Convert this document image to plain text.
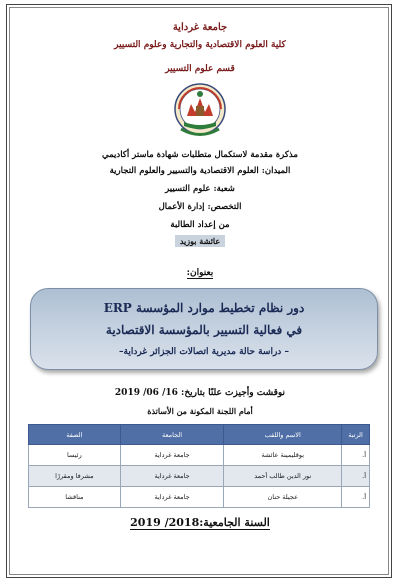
جامعة غرداية
كلية العلوم الاقتصادية والتجارية وعلوم التسيير
قسم علوم التسيير
مذكرة مقدمة لاستكمال متطلبات شهادة ماستر أكاديمي
الميدان: العلوم الاقتصادية والتسيير والعلوم التجارية
شعبة: علوم التسيير
التخصص: إدارة الأعمال
من إعداد الطالبة
عائشة بوزيد
بعنوان:
دور نظام تخطيط موارد المؤسسة ERP
في فعالية التسيير بالمؤسسة الاقتصادية
– دراسة حالة مديرية اتصالات الجزائر غرداية–
نوقشت وأجيزت علنًا بتاريخ: 16/ 06/ 2019
أمام اللجنة المكونة من الأساتذة
الرتبة	الاسم واللقب	الجامعة	الصفة
أ.	بوقليمينة عائشة	جامعة غرداية	رئيسا
أ.	نور الدين طالب أحمد	جامعة غرداية	مشرفا ومقررًا
أ.	عجيلة حنان	جامعة غرداية	مناقشا
السنة الجامعية:2018/ 2019
